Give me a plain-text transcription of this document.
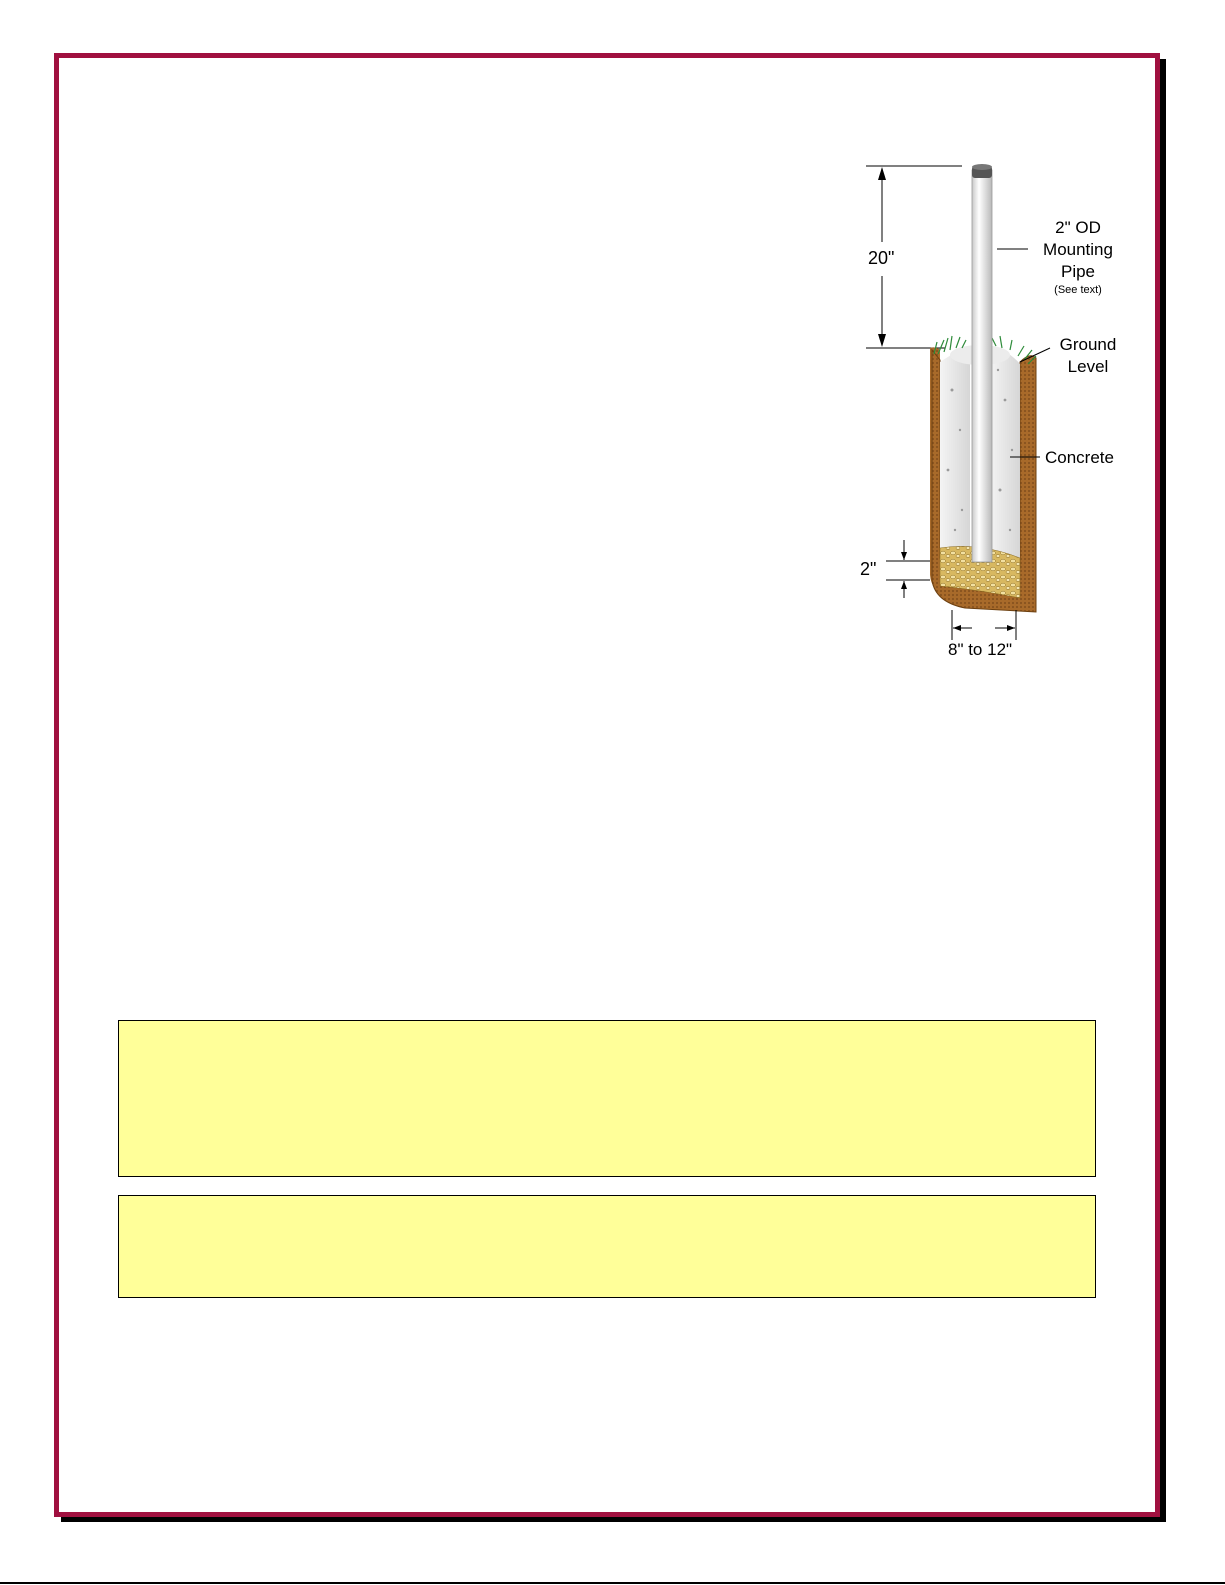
20"
2" OD
Mounting
Pipe
(See text)
Ground
Level
Concrete
2"
8" to 12"
